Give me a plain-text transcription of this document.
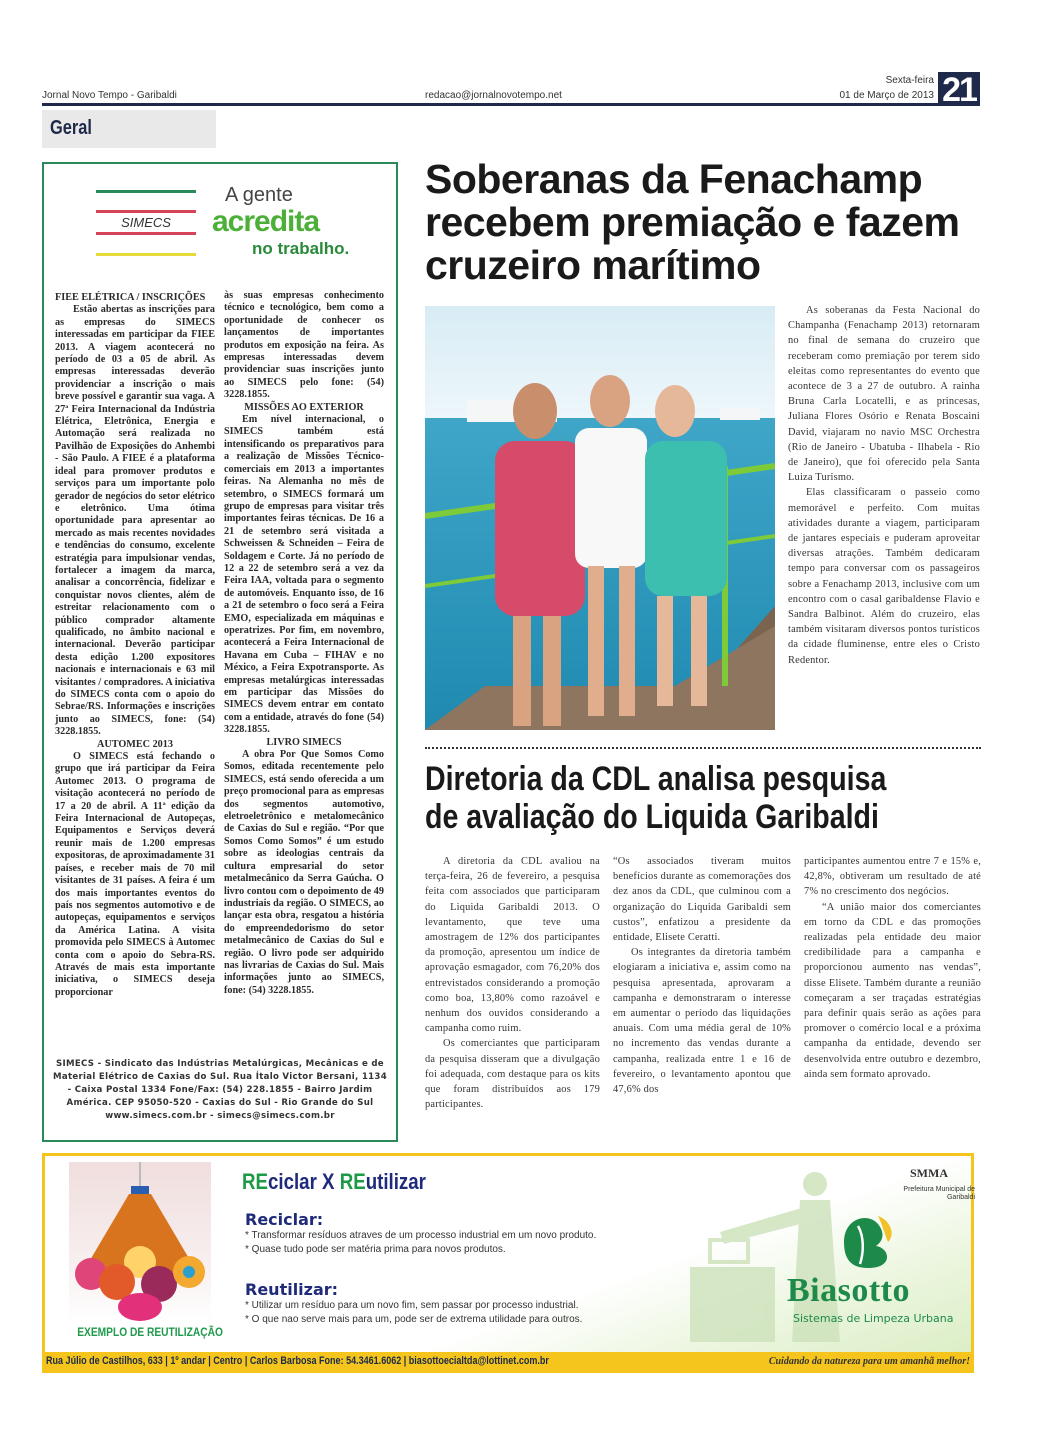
Jornal Novo Tempo - Garibaldi	redacao@jornalnovotempo.net
Sexta-feira
01 de Março de 2013 21
Geral
SIMECS
A gente
acredita
no trabalho.
FIEE ELÉTRICA / INSCRIÇÕES

Estão abertas as inscrições para as empresas do SIMECS interessadas em participar da FIEE 2013. A viagem acontecerá no período de 03 a 05 de abril. As empresas interessadas deverão providenciar a inscrição o mais breve possível e garantir sua vaga. A 27ª Feira Internacional da Indústria Elétrica, Eletrônica, Energia e Automação será realizada no Pavilhão de Exposições do Anhembi - São Paulo. A FIEE é a plataforma ideal para promover produtos e serviços para um importante polo gerador de negócios do setor elétrico e eletrônico. Uma ótima oportunidade para apresentar ao mercado as mais recentes novidades e tendências do consumo, excelente estratégia para impulsionar vendas, fortalecer a imagem da marca, analisar a concorrência, fidelizar e conquistar novos clientes, além de estreitar relacionamento com o público comprador altamente qualificado, no âmbito nacional e internacional. Deverão participar desta edição 1.200 expositores nacionais e internacionais e 63 mil visitantes / compradores. A iniciativa do SIMECS conta com o apoio do Sebrae/RS. Informações e inscrições junto ao SIMECS, fone: (54) 3228.1855.

AUTOMEC 2013

O SIMECS está fechando o grupo que irá participar da Feira Automec 2013. O programa de visitação acontecerá no período de 17 a 20 de abril. A 11ª edição da Feira Internacional de Autopeças, Equipamentos e Serviços deverá reunir mais de 1.200 empresas expositoras, de aproximadamente 31 países, e receber mais de 70 mil visitantes de 31 países. A feira é um dos mais importantes eventos do país nos segmentos automotivo e de autopeças, equipamentos e serviços da América Latina. A visita promovida pelo SIMECS à Automec conta com o apoio do Sebra-RS. Através de mais esta importante iniciativa, o SIMECS deseja proporcionar

às suas empresas conhecimento técnico e tecnológico, bem como a oportunidade de conhecer os lançamentos de importantes produtos em exposição na feira. As empresas interessadas devem providenciar suas inscrições junto ao SIMECS pelo fone: (54) 3228.1855.

MISSÕES AO EXTERIOR

Em nível internacional, o SIMECS também está intensificando os preparativos para a realização de Missões Técnico-comerciais em 2013 a importantes feiras. Na Alemanha no mês de setembro, o SIMECS formará um grupo de empresas para visitar três importantes feiras técnicas. De 16 a 21 de setembro será visitada a Schweissen & Schneiden – Feira de Soldagem e Corte. Já no período de 12 a 22 de setembro será a vez da Feira IAA, voltada para o segmento de automóveis. Enquanto isso, de 16 a 21 de setembro o foco será a Feira EMO, especializada em máquinas e operatrizes. Por fim, em novembro, acontecerá a Feira Internacional de Havana em Cuba – FIHAV e no México, a Feira Expotransporte. As empresas metalúrgicas interessadas em participar das Missões do SIMECS devem entrar em contato com a entidade, através do fone (54) 3228.1855.

LIVRO SIMECS

A obra Por Que Somos Como Somos, editada recentemente pelo SIMECS, está sendo oferecida a um preço promocional para as empresas dos segmentos automotivo, eletroeletrônico e metalomecânico de Caxias do Sul e região. “Por que Somos Como Somos” é um estudo sobre as ideologias centrais da cultura empresarial do setor metalmecânico da Serra Gaúcha. O livro contou com o depoimento de 49 industriais da região. O SIMECS, ao lançar esta obra, resgatou a história do empreendedorismo do setor metalmecânico de Caxias do Sul e região. O livro pode ser adquirido nas livrarias de Caxias do Sul. Mais informações junto ao SIMECS, fone: (54) 3228.1855.

SIMECS - Sindicato das Indústrias Metalúrgicas, Mecânicas e de Material Elétrico de Caxias do Sul. Rua Ítalo Victor Bersani, 1134 - Caixa Postal 1334 Fone/Fax: (54) 228.1855 - Bairro Jardim América. CEP 95050-520 - Caxias do Sul - Rio Grande do Sul
www.simecs.com.br - simecs@simecs.com.br
Soberanas da Fenachamp recebem premiação e fazem cruzeiro marítimo

As soberanas da Festa Nacional do Champanha (Fenachamp 2013) retornaram no final de semana do cruzeiro que receberam como premiação por terem sido eleitas como representantes do evento que acontece de 3 a 27 de outubro. A rainha Bruna Carla Locatelli, e as princesas, Juliana Flores Osório e Renata Boscaini David, viajaram no navio MSC Orchestra (Rio de Janeiro - Ubatuba - Ilhabela - Rio de Janeiro), que foi oferecido pela Santa Luiza Turismo.

Elas classificaram o passeio como memorável e perfeito. Com muitas atividades durante a viagem, participaram de jantares especiais e puderam aproveitar diversas atrações. Também dedicaram tempo para conversar com os passageiros sobre a Fenachamp 2013, inclusive com um encontro com o casal garibaldense Flavio e Sandra Balbinot. Além do cruzeiro, elas também visitaram diversos pontos turísticos da cidade fluminense, entre eles o Cristo Redentor.

Diretoria da CDL analisa pesquisa
de avaliação do Liquida Garibaldi

A diretoria da CDL avaliou na terça-feira, 26 de fevereiro, a pesquisa feita com associados que participaram do Liquida Garibaldi 2013. O levantamento, que teve uma amostragem de 12% dos participantes da promoção, apresentou um índice de aprovação esmagador, com 76,20% dos entrevistados considerando a promoção como boa, 13,80% como razoável e nenhum dos ouvidos considerando a campanha como ruim.

Os comerciantes que participaram da pesquisa disseram que a divulgação foi adequada, com destaque para os kits que foram distribuídos aos 179 participantes.

“Os associados tiveram muitos benefícios durante as comemorações dos dez anos da CDL, que culminou com a organização do Liquida Garibaldi sem custos”, enfatizou a presidente da entidade, Elisete Ceratti.

Os integrantes da diretoria também elogiaram a iniciativa e, assim como na pesquisa apresentada, aprovaram a campanha e demonstraram o interesse em aumentar o período das liquidações anuais. Com uma média geral de 10% no incremento das vendas durante a campanha, realizada entre 1 e 16 de fevereiro, o levantamento apontou que 47,6% dos

participantes aumentou entre 7 e 15% e, 42,8%, obtiveram um resultado de até 7% no crescimento dos negócios.

“A união maior dos comerciantes em torno da CDL e das promoções realizadas pela entidade deu maior credibilidade para a campanha e proporcionou aumento nas vendas”, disse Elisete. Também durante a reunião começaram a ser traçadas estratégias para definir quais serão as ações para promover o comércio local e a próxima campanha da entidade, devendo ser desenvolvida entre outubro e dezembro, ainda sem formato aprovado.

EXEMPLO DE REUTILIZAÇÃO
REciclar X REutilizar
Reciclar:
* Transformar resíduos atraves de um processo industrial em um novo produto.
* Quase tudo pode ser matéria prima para novos produtos.
Reutilizar:
* Utilizar um resíduo para um novo fim, sem passar por processo industrial.
* O que nao serve mais para um, pode ser de extrema utilidade para outros.
SMMA
Prefeitura Municipal de Garibaldi
Biasotto
Sistemas de Limpeza Urbana
Rua Júlio de Castilhos, 633 | 1º andar | Centro | Carlos Barbosa Fone: 54.3461.6062 | biasottoecialtda@lottinet.com.br	Cuidando da natureza para um amanhã melhor!
